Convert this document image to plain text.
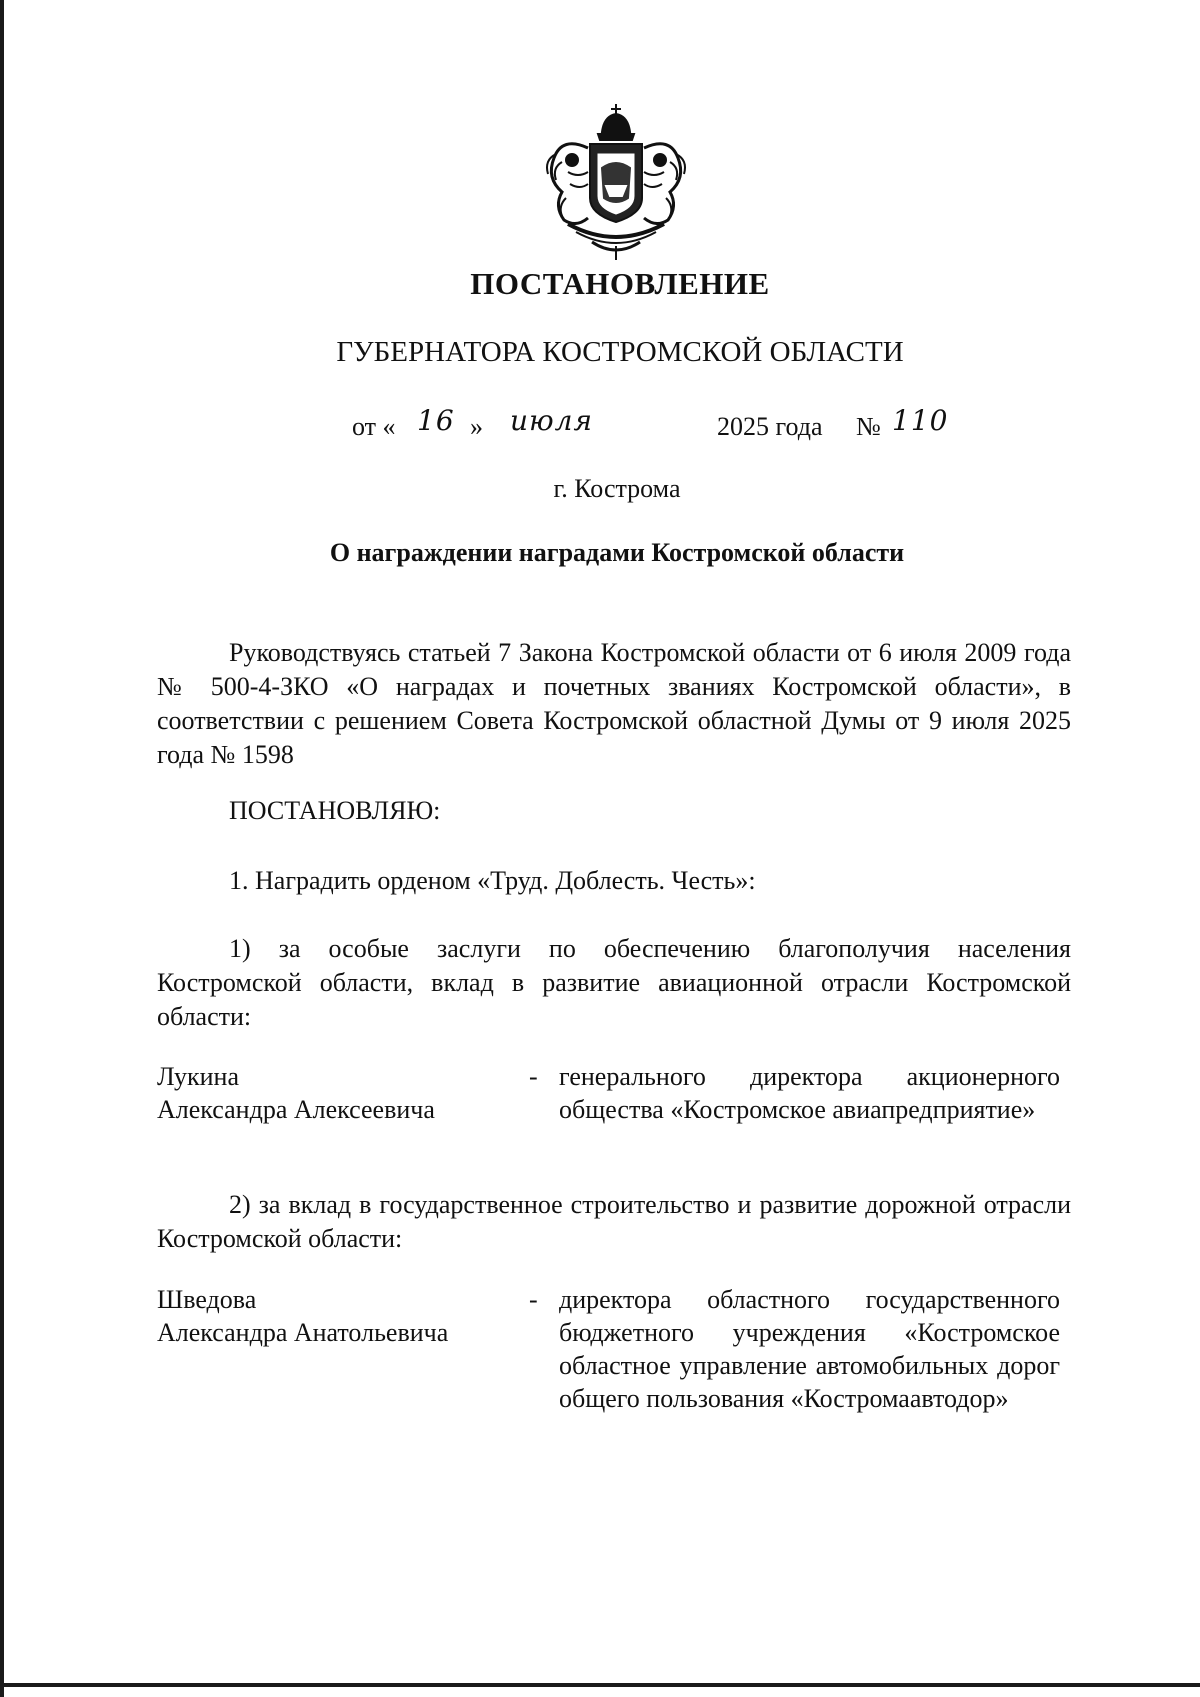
ПОСТАНОВЛЕНИЕ
ГУБЕРНАТОРА КОСТРОМСКОЙ ОБЛАСТИ
от « 16 » июля	2025 года № 110
г. Кострома
О награждении наградами Костромской области

Руководствуясь статьей 7 Закона Костромской области от 6 июля 2009 года № 500-4-ЗКО «О наградах и почетных званиях Костромской области», в соответствии с решением Совета Костромской областной Думы от 9 июля 2025 года № 1598

ПОСТАНОВЛЯЮ:
1. Наградить орденом «Труд. Доблесть. Честь»:

1) за особые заслуги по обеспечению благополучия населения Костромской области, вклад в развитие авиационной отрасли Костромской области:

Лукина
Александра Алексеевича
- генерального директора акционерного общества «Костромское авиапредприятие»

2) за вклад в государственное строительство и развитие дорожной отрасли Костромской области:

Шведова
Александра Анатольевича
- директора областного государственного бюджетного учреждения «Костромское областное управление автомобильных дорог общего пользования «Костромаавтодор»
